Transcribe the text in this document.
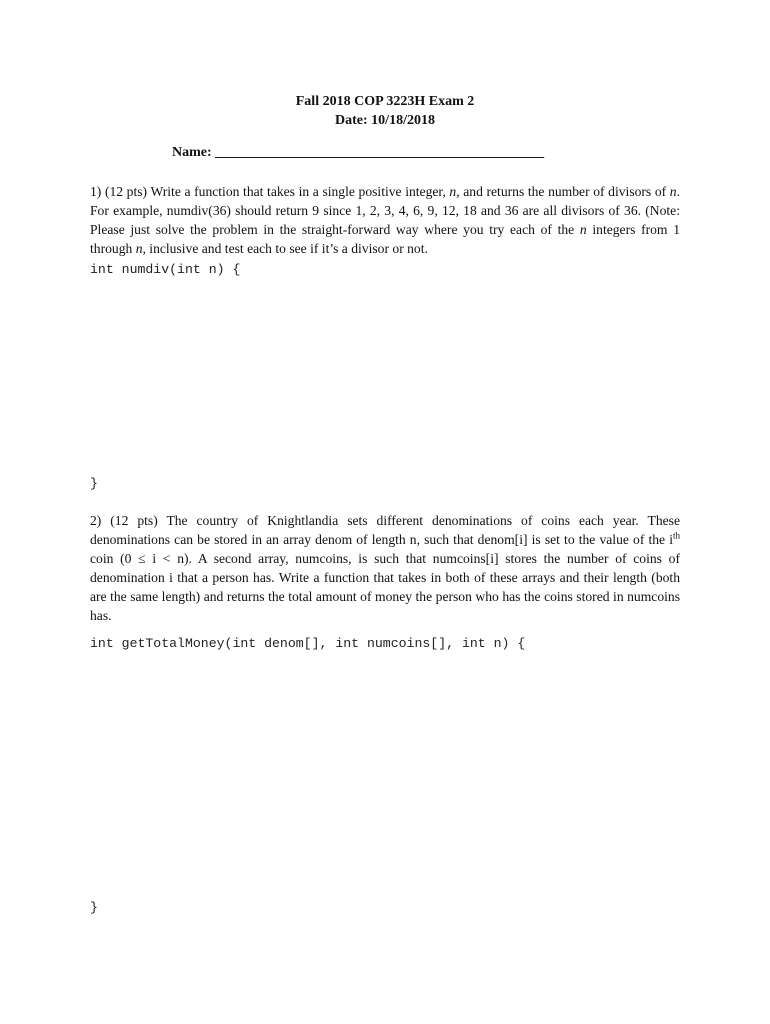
Fall 2018 COP 3223H Exam 2
Date: 10/18/2018
Name: _______________________________________________
1) (12 pts) Write a function that takes in a single positive integer, n, and returns the number of divisors of n. For example, numdiv(36) should return 9 since 1, 2, 3, 4, 6, 9, 12, 18 and 36 are all divisors of 36. (Note: Please just solve the problem in the straight-forward way where you try each of the n integers from 1 through n, inclusive and test each to see if it’s a divisor or not.
int numdiv(int n) {
}
2) (12 pts) The country of Knightlandia sets different denominations of coins each year. These denominations can be stored in an array denom of length n, such that denom[i] is set to the value of the $i^{th}$ coin (0 ≤ i < n). A second array, numcoins, is such that numcoins[i] stores the number of coins of denomination i that a person has. Write a function that takes in both of these arrays and their length (both are the same length) and returns the total amount of money the person who has the coins stored in numcoins has.
int getTotalMoney(int denom[], int numcoins[], int n) {
}
